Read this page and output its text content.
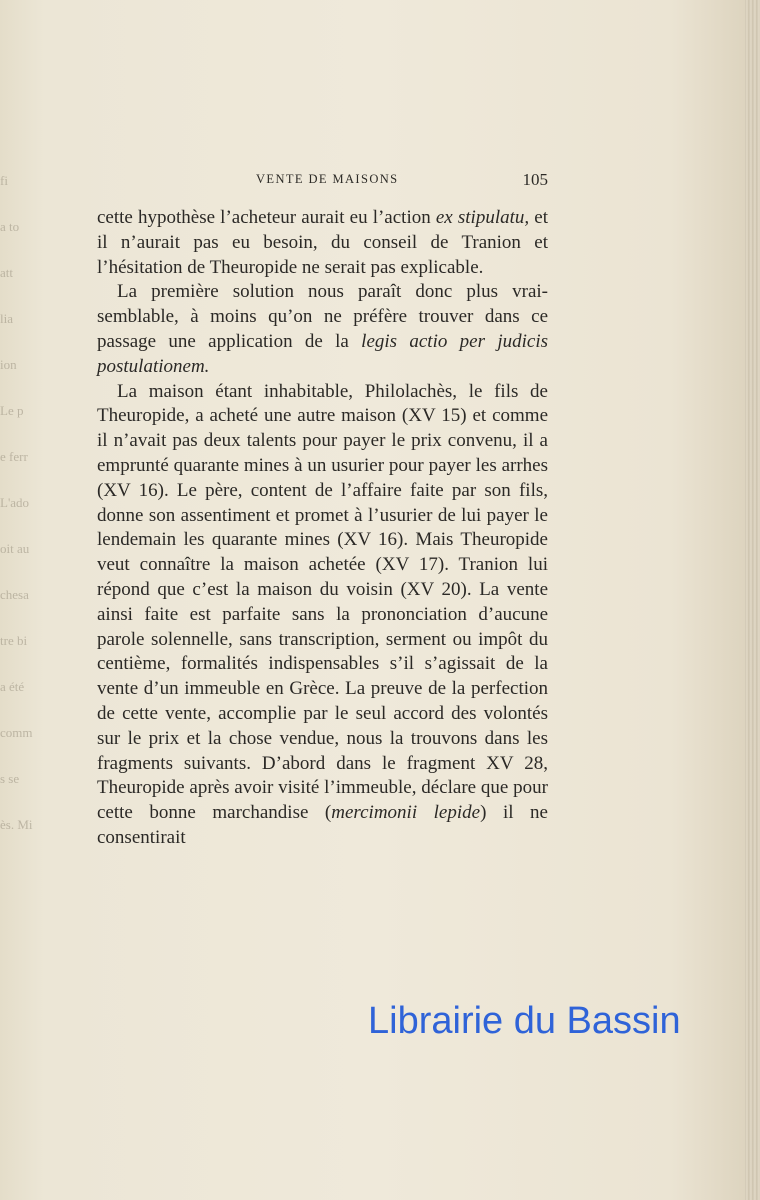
fi
a to
att
lia
ion
Le p
e ferr
L'ado
oit au
chesa
tre bi
a été
comm
s se
ès. Mi
VENTE DE MAISONS	105

cette hypothèse l’acheteur aurait eu l’action ex stipulatu, et il n’aurait pas eu besoin, du conseil de Tranion et l’hésitation de Theuropide ne serait pas explicable.

La première solution nous paraît donc plus vraisemblable, à moins qu’on ne préfère trouver dans ce passage une application de la legis actio per judicis postulationem.

La maison étant inhabitable, Philolachès, le fils de Theuropide, a acheté une autre maison (XV 15) et comme il n’avait pas deux talents pour payer le prix convenu, il a emprunté quarante mines à un usurier pour payer les arrhes (XV 16). Le père, content de l’affaire faite par son fils, donne son assentiment et promet à l’usurier de lui payer le lendemain les quarante mines (XV 16). Mais Theuropide veut connaître la maison achetée (XV 17). Tranion lui répond que c’est la maison du voisin (XV 20). La vente ainsi faite est parfaite sans la prononciation d’aucune parole solennelle, sans transcription, serment ou impôt du centième, formalités indispensables s’il s’agissait de la vente d’un immeuble en Grèce. La preuve de la perfection de cette vente, accomplie par le seul accord des volontés sur le prix et la chose vendue, nous la trouvons dans les fragments suivants. D’abord dans le fragment XV 28, Theuropide après avoir visité l’immeuble, déclare que pour cette bonne marchandise (mercimonii lepide) il ne consentirait

Librairie du Bassin
